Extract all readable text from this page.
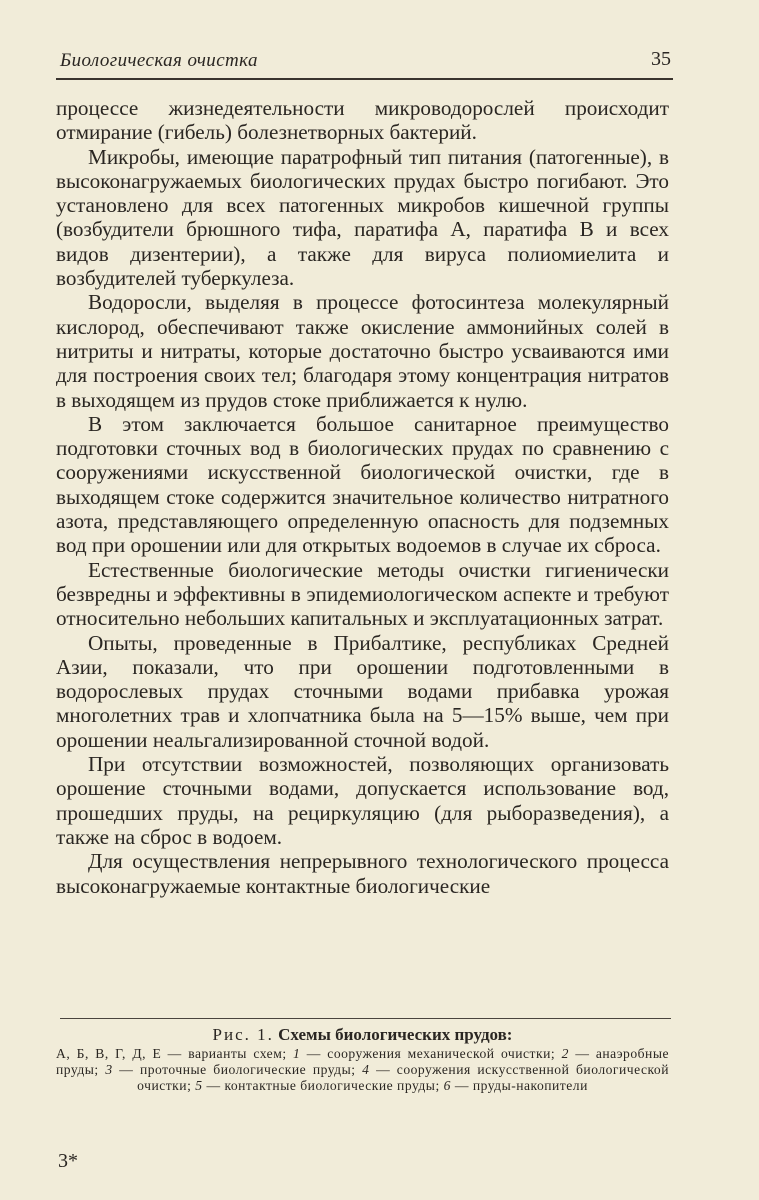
Биологическая очистка	35

процессе жизнедеятельности микроводорослей происходит отмирание (гибель) болезнетворных бактерий.

Микробы, имеющие паратрофный тип питания (патогенные), в высоконагружаемых биологических прудах быстро погибают. Это установлено для всех патогенных микробов кишечной группы (возбудители брюшного тифа, паратифа А, паратифа В и всех видов дизентерии), а также для вируса полиомиелита и возбудителей туберкулеза.

Водоросли, выделяя в процессе фотосинтеза молекулярный кислород, обеспечивают также окисление аммонийных солей в нитриты и нитраты, которые достаточно быстро усваиваются ими для построения своих тел; благодаря этому концентрация нитратов в выходящем из прудов стоке приближается к нулю.

В этом заключается большое санитарное преимущество подготовки сточных вод в биологических прудах по сравнению с сооружениями искусственной биологической очистки, где в выходящем стоке содержится значительное количество нитратного азота, представляющего определенную опасность для подземных вод при орошении или для открытых водоемов в случае их сброса.

Естественные биологические методы очистки гигиенически безвредны и эффективны в эпидемиологическом аспекте и требуют относительно небольших капитальных и эксплуатационных затрат.

Опыты, проведенные в Прибалтике, республиках Средней Азии, показали, что при орошении подготовленными в водорослевых прудах сточными водами прибавка урожая многолетних трав и хлопчатника была на 5—15% выше, чем при орошении неальгализированной сточной водой.

При отсутствии возможностей, позволяющих организовать орошение сточными водами, допускается использование вод, прошедших пруды, на рециркуляцию (для рыборазведения), а также на сброс в водоем.

Для осуществления непрерывного технологического процесса высоконагружаемые контактные биологические

Рис. 1. Схемы биологических прудов:
А, Б, В, Г, Д, Е — варианты схем; 1 — сооружения механической очистки; 2 — анаэробные пруды; 3 — проточные биологические пруды; 4 — сооружения искусственной биологической очистки; 5 — контактные биологические пруды; 6 — пруды-накопители
3*
